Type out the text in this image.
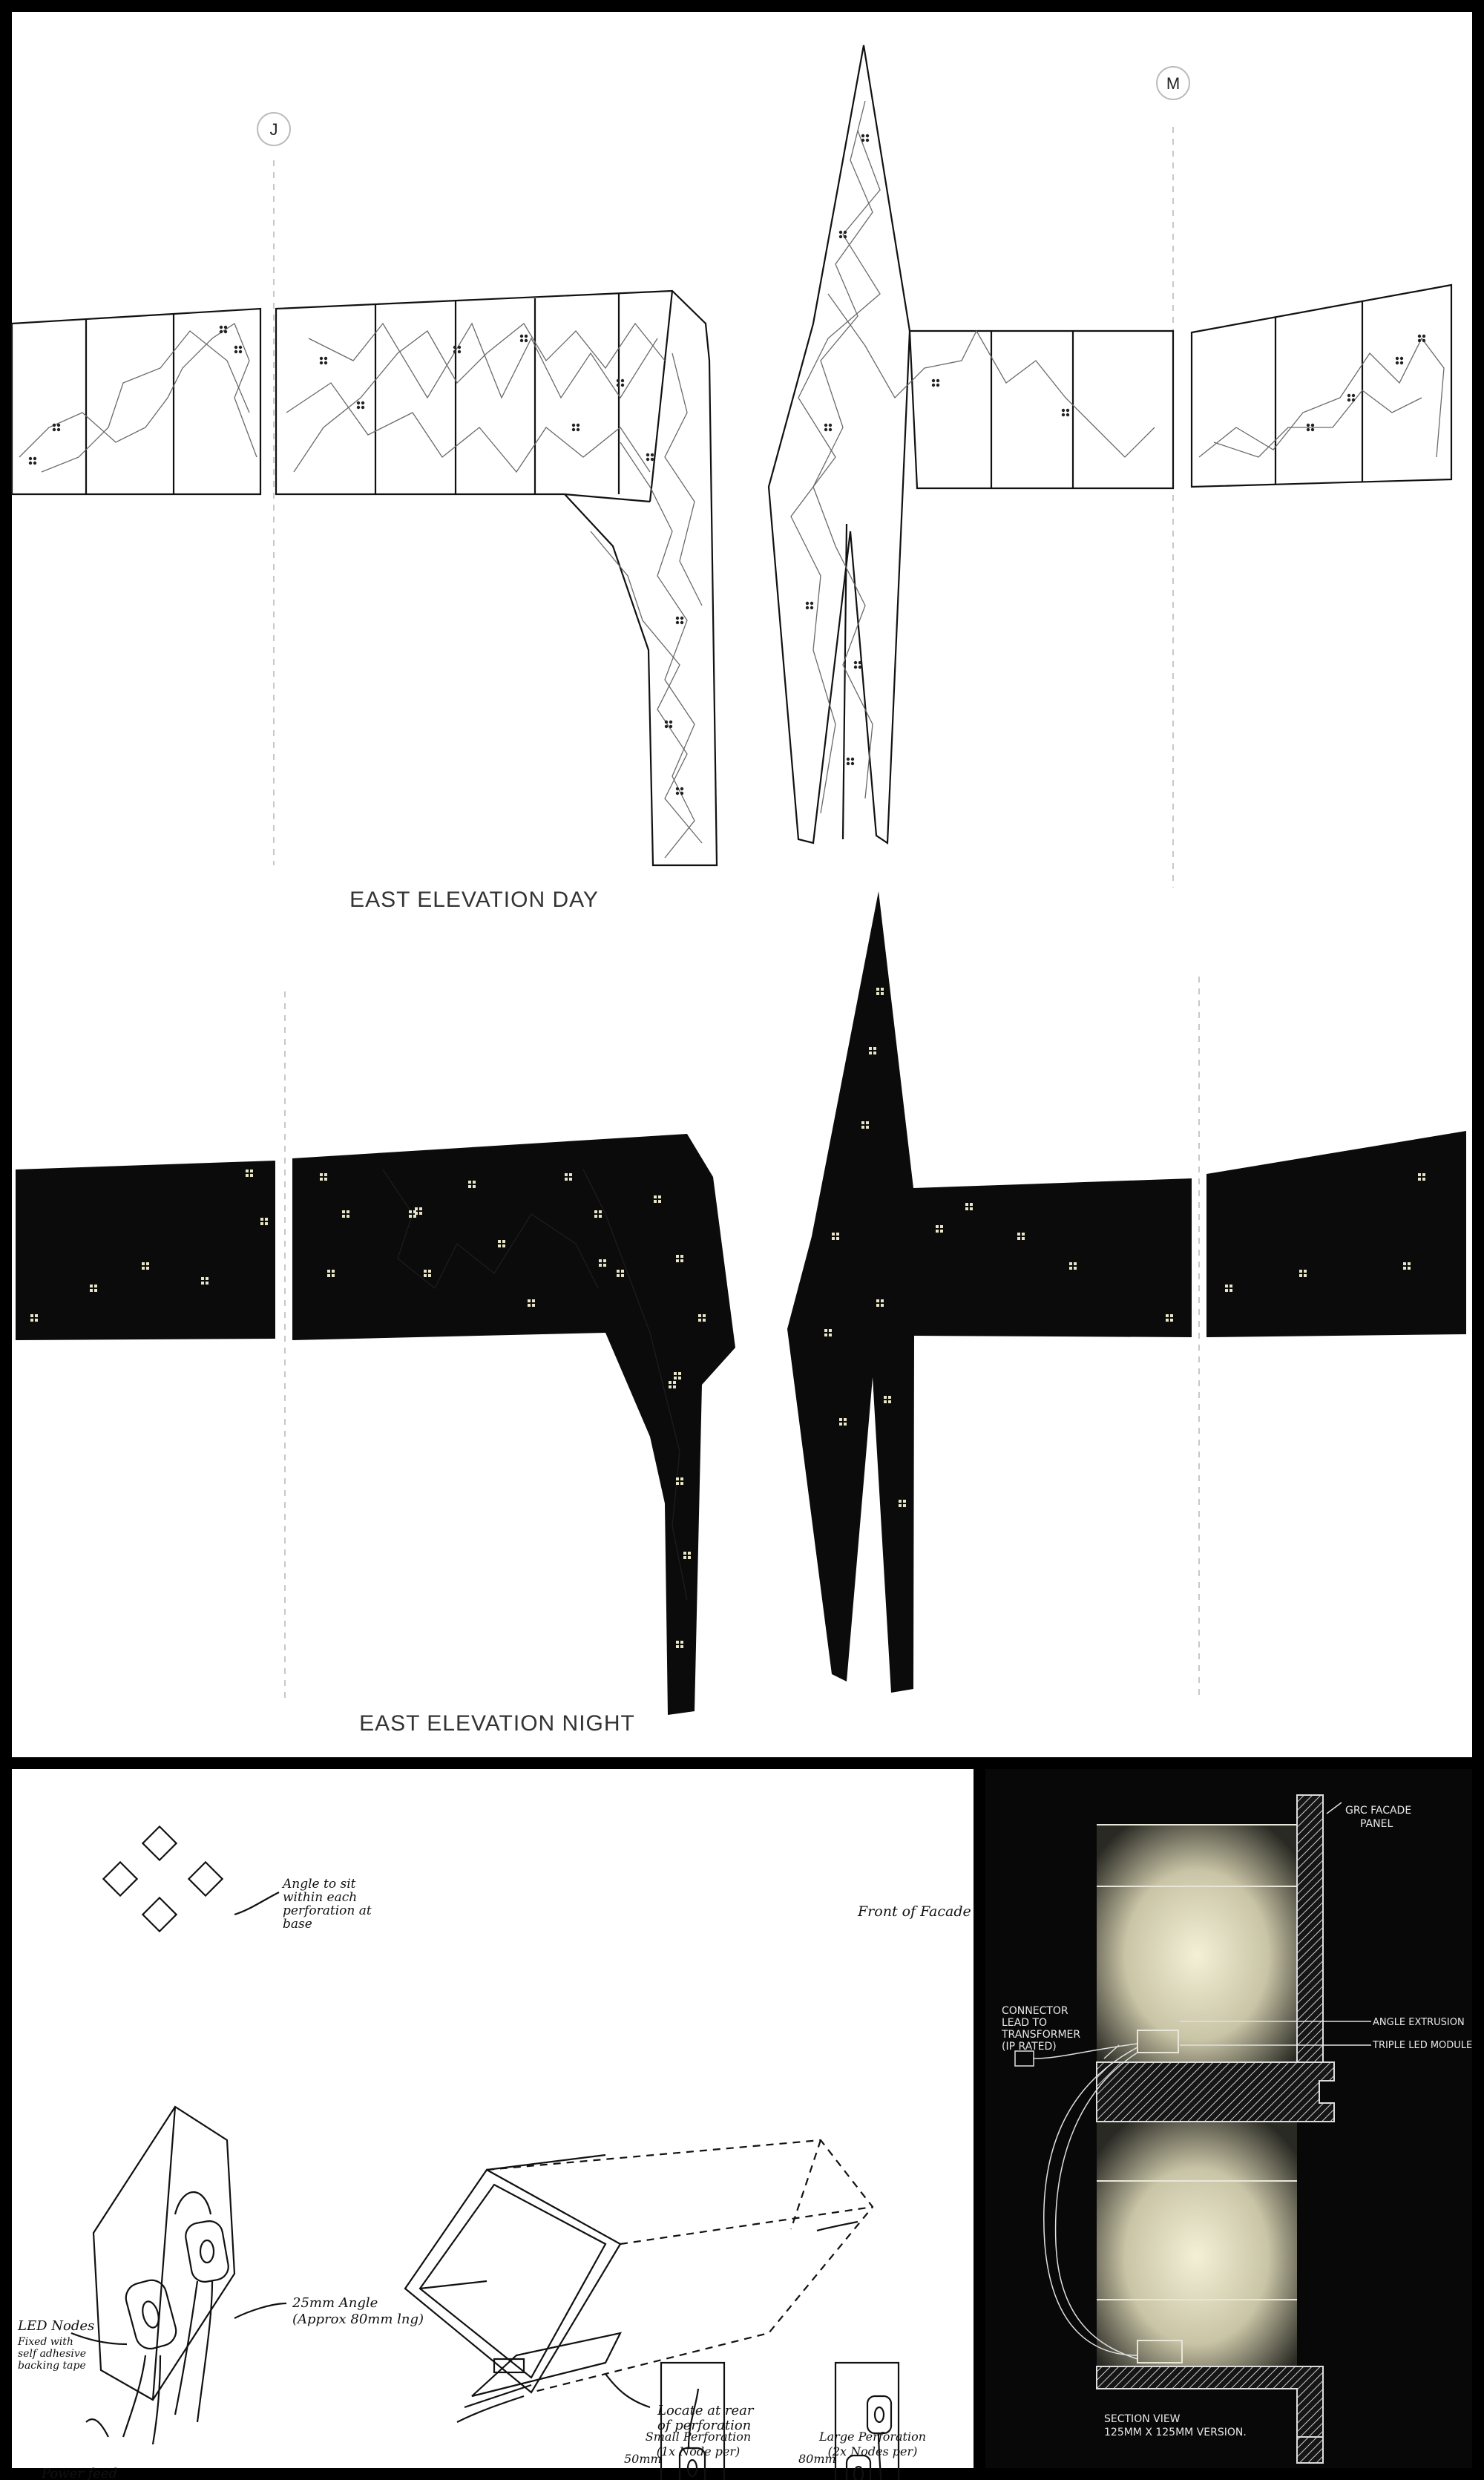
J
M
EAST ELEVATION DAY
EAST ELEVATION NIGHT
Angle to sit within each perforation at base
Front of Facade
LED Nodes
Fixed with self adhesive backing tape
25mm Angle (Approx 80mm lng)
Power feed
Locate at rear of perforation
50mm	80mm
Small Perforation
(1x Node per)
Large Perforation
(2x Nodes per)
GRC FACADE PANEL
CONNECTOR LEAD TO TRANSFORMER (IP RATED)
ANGLE EXTRUSION
TRIPLE LED MODULE
SECTION VIEW 125MM X 125MM VERSION.
